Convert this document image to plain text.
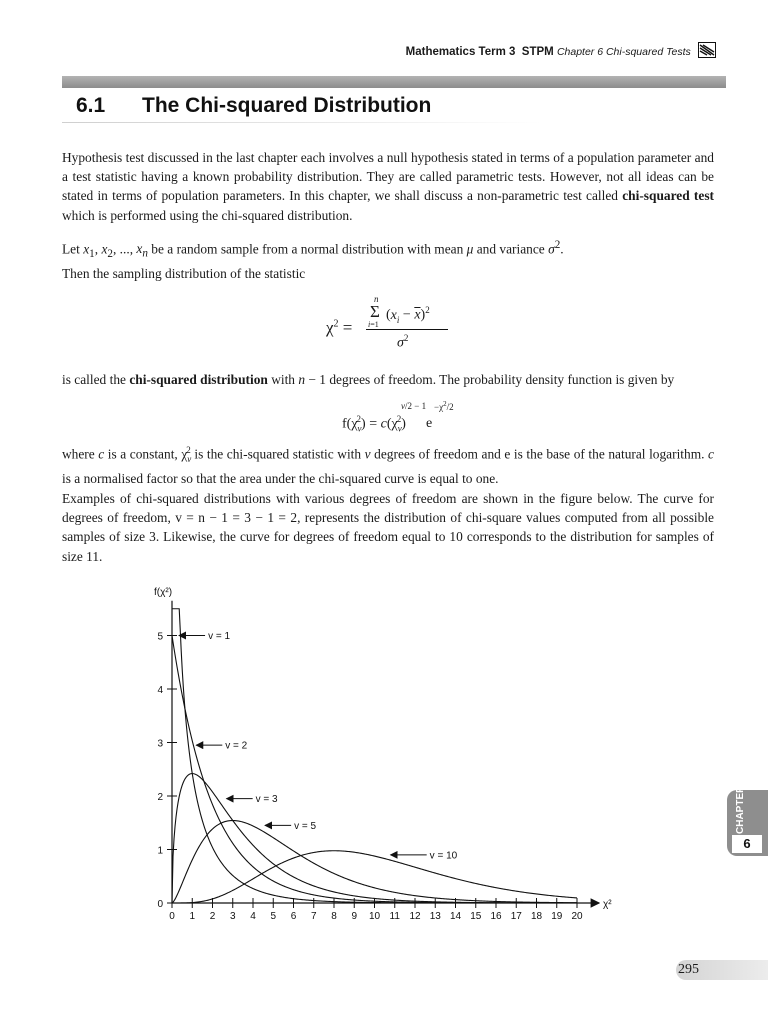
Mathematics Term 3 STPM Chapter 6 Chi-squared Tests
6.1 The Chi-squared Distribution
Hypothesis test discussed in the last chapter each involves a null hypothesis stated in terms of a population parameter and a test statistic having a known probability distribution. They are called parametric tests. However, not all ideas can be stated in terms of population parameters. In this chapter, we shall discuss a non-parametric test called chi-squared test which is performed using the chi-squared distribution.
Let $x_1$, $x_2$, ..., $x_n$ be a random sample from a normal distribution with mean μ and variance $\sigma^2$.
Then the sampling distribution of the statistic
$\chi^2$ =
n
Σ
i=1
$(x_i - \overline{x})^2$
$\sigma^2$
is called the chi-squared distribution with n − 1 degrees of freedom. The probability density function is given by
$f(\chi_v^2) = c(\chi_v^2)$
v/2 − 1
e
$-\chi^2/2$
where c is a constant, $\chi_v^2$ is the chi-squared statistic with v degrees of freedom and e is the base of the natural logarithm. c is a normalised factor so that the area under the chi-squared curve is equal to one.
Examples of chi-squared distributions with various degrees of freedom are shown in the figure below. The curve for degrees of freedom, v = n − 1 = 3 − 1 = 2, represents the distribution of chi-square values computed from all possible samples of size 3. Likewise, the curve for degrees of freedom equal to 10 corresponds to the distribution for samples of size 11.
0 1 2 3 4 5 6 7 8 9 10 11 12 13 14 15 16 17 18 19 20
0
1
2
3
4
5
f(χ²)
χ²
v = 1
v = 2
v = 3
v = 5
v = 10
CHAPTER
6
295
